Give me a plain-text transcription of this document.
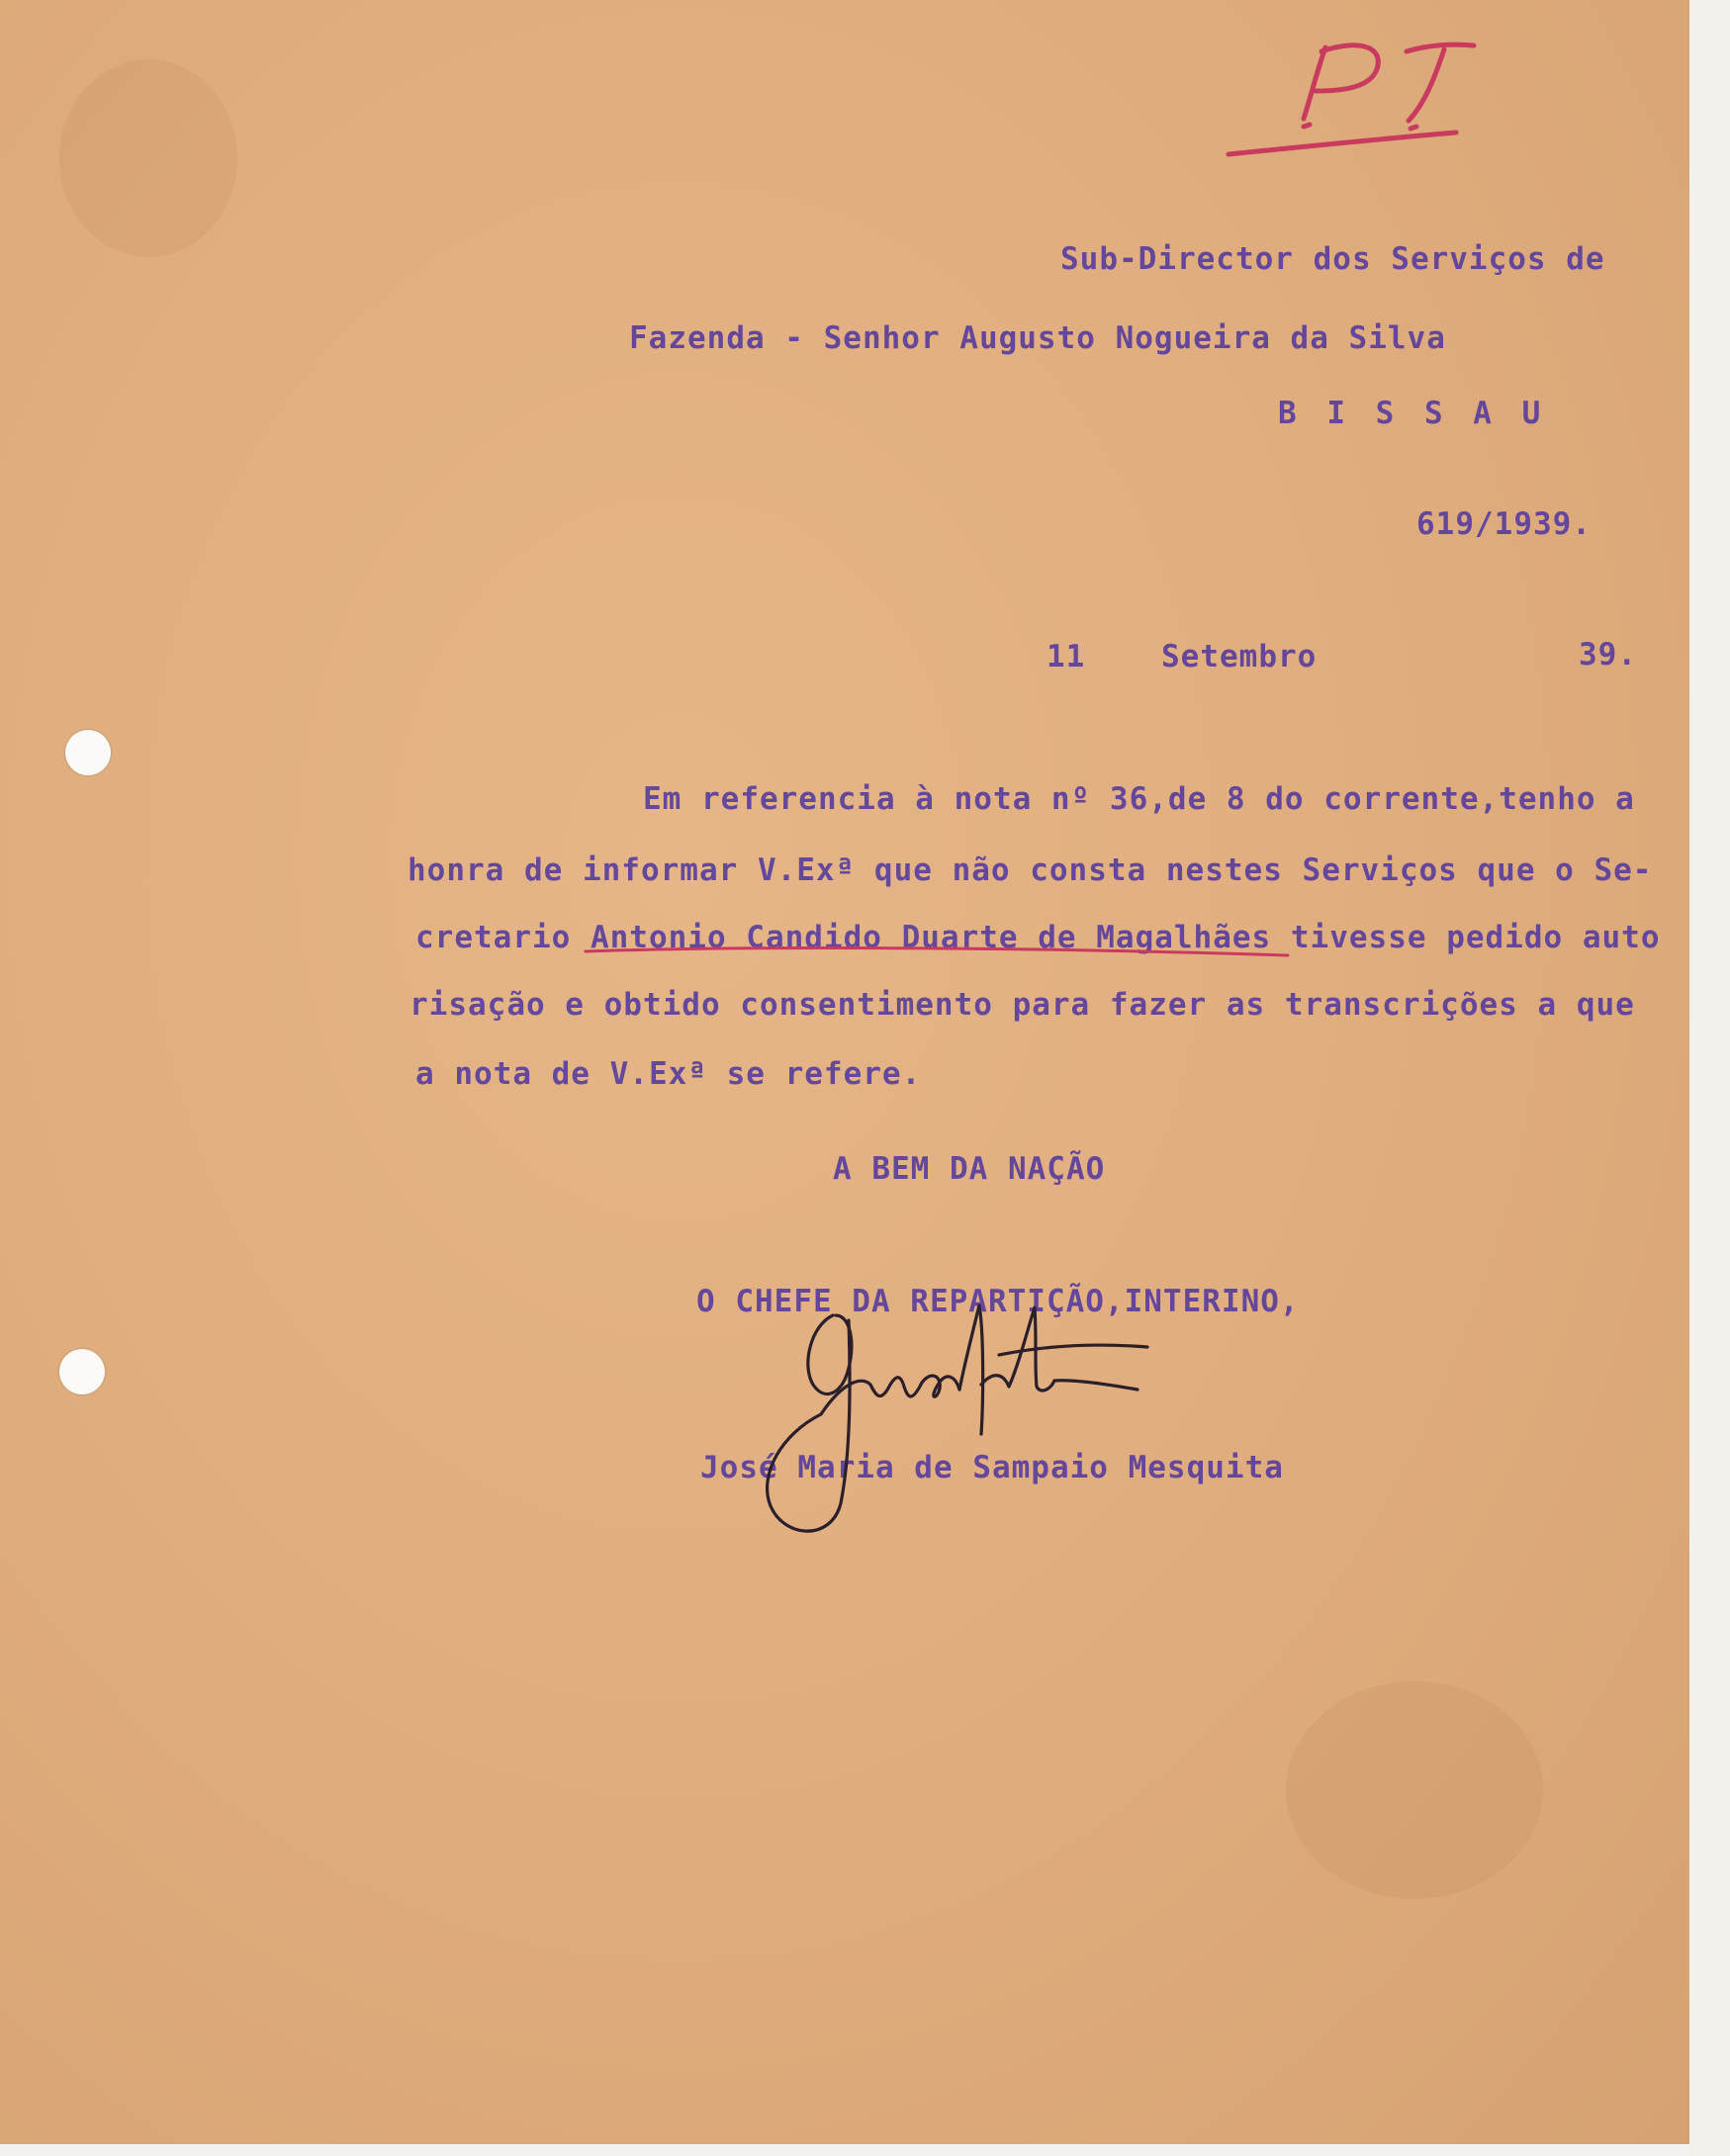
Sub-Director dos Serviços de
Fazenda - Senhor Augusto Nogueira da Silva
B I S S A U
619/1939.
11 Setembro	39.
Em referencia à nota nº 36,de 8 do corrente,tenho a
honra de informar V.Exª que não consta nestes Serviços que o Se-
cretario Antonio Candido Duarte de Magalhães tivesse pedido auto
risação e obtido consentimento para fazer as transcrições a que
a nota de V.Exª se refere.
A BEM DA NAÇÃO
O CHEFE DA REPARTIÇÃO,INTERINO,
José Maria de Sampaio Mesquita
